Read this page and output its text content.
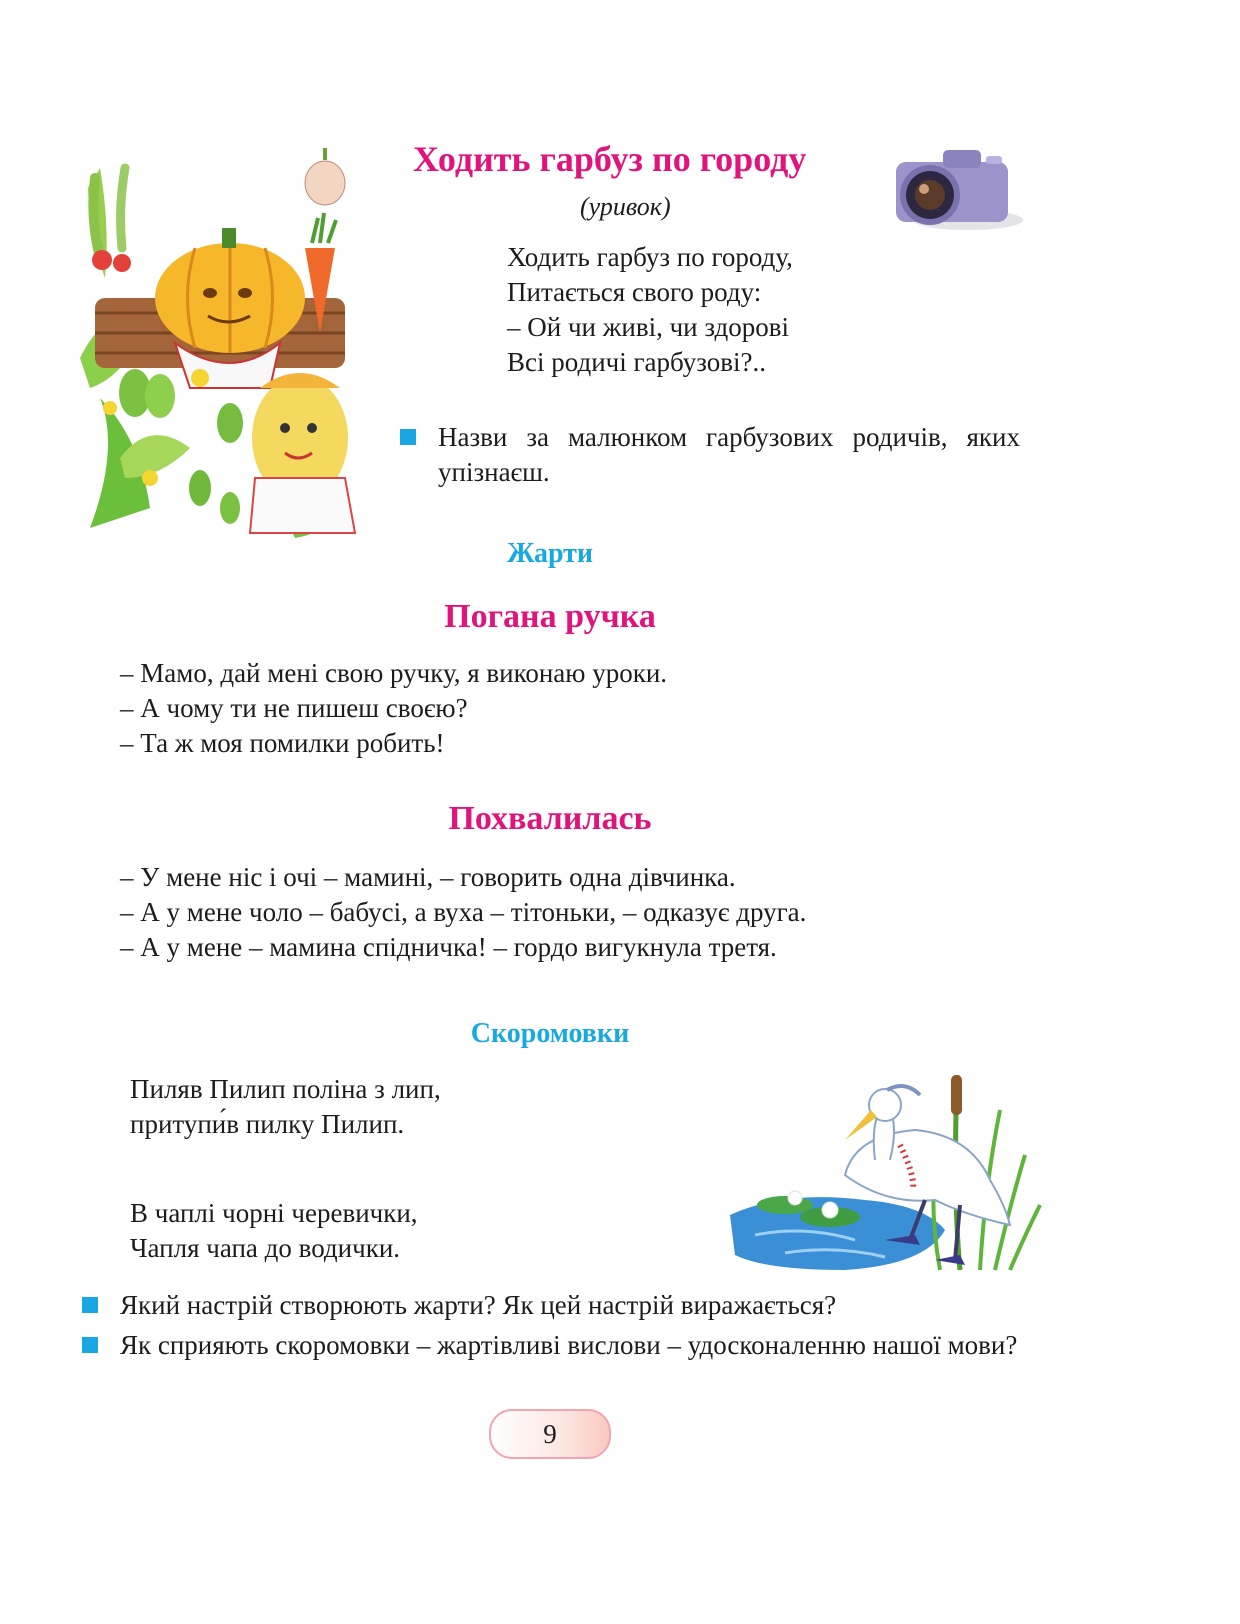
Ходить гарбуз по городу
(уривок)
Ходить гарбуз по городу,
Питається свого роду:
– Ой чи живі, чи здорові
Всі родичі гарбузові?..
Назви за малюнком гарбузових родичів, яких упізнаєш.
Жарти
Погана ручка
– Мамо, дай мені свою ручку, я виконаю уроки.
– А чому ти не пишеш своєю?
– Та ж моя помилки робить!
Похвалилась
– У мене ніс і очі – мамині, – говорить одна дівчинка.
– А у мене чоло – бабусі, а вуха – тітоньки, – одказує друга.
– А у мене – мамина спідничка! – гордо вигукнула третя.
Скоромовки
Пиляв Пилип поліна з лип,
притупи́в пилку Пилип.
В чаплі чорні черевички,
Чапля чапа до водички.
Який настрій створюють жарти? Як цей настрій виражається?
Як сприяють скоромовки – жартівливі вислови – удосконаленню нашої мови?
9
